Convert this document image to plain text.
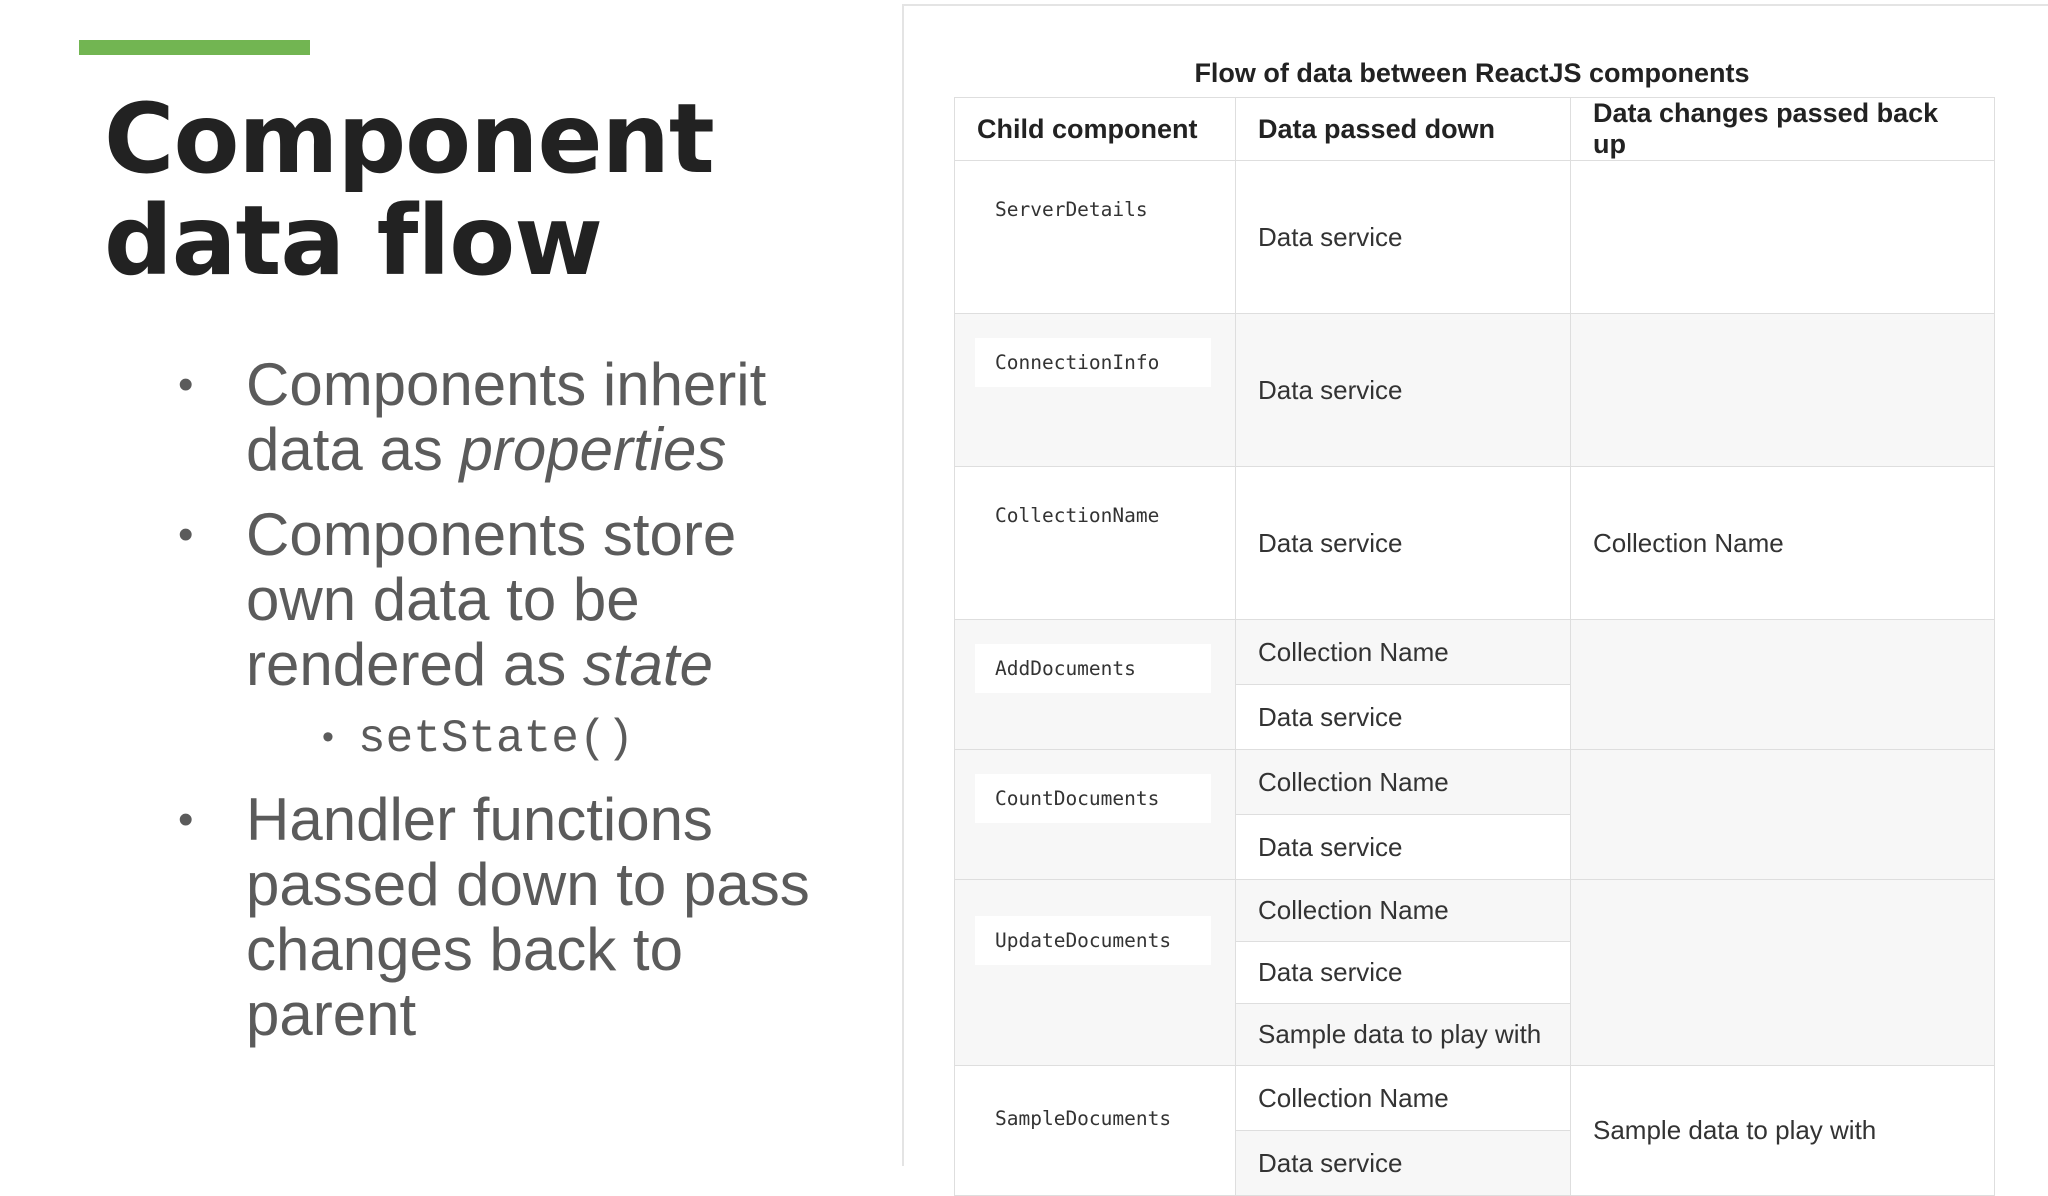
Component
data flow
• Components inherit data as properties
• Components store own data to be rendered as state
• setState()
• Handler functions passed down to pass changes back to parent
Flow of data between ReactJS components
Child component	Data passed down	Data changes passed back up
ServerDetails	Data service	
ConnectionInfo	Data service	
CollectionName	Data service	Collection Name
AddDocuments	Collection Name	
	Data service	
CountDocuments	Collection Name	
	Data service	
UpdateDocuments	Collection Name	
	Data service	
	Sample data to play with	
SampleDocuments	Collection Name	Sample data to play with
	Data service	
